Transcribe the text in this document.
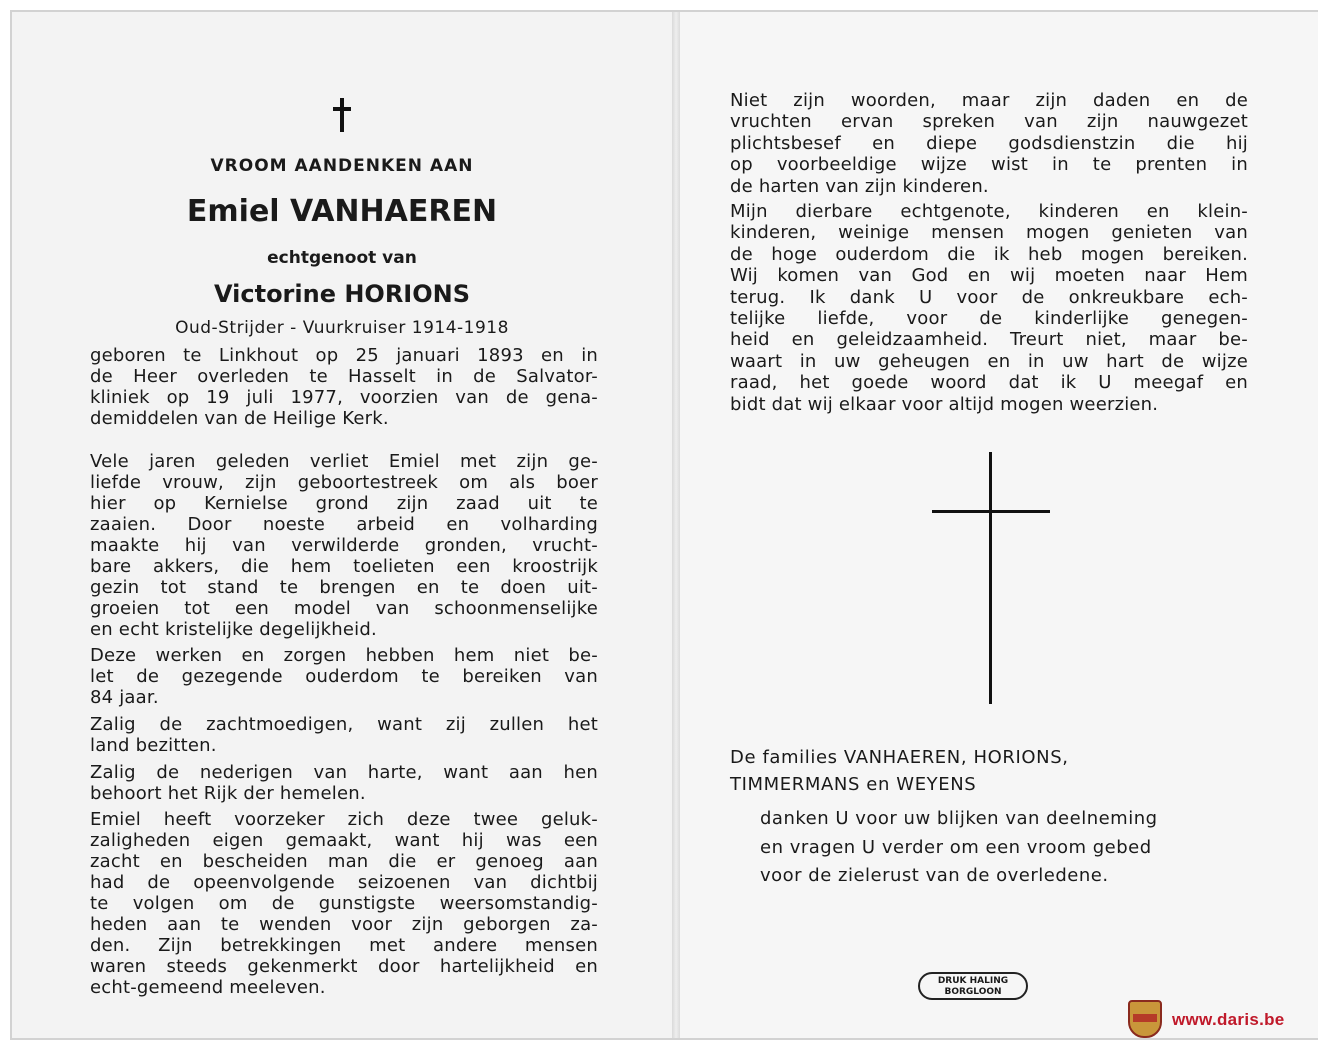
VROOM AANDENKEN AAN
Emiel VANHAEREN
echtgenoot van
Victorine HORIONS
Oud-Strijder - Vuurkruiser 1914-1918
geboren te Linkhout op 25 januari 1893 en in
de Heer overleden te Hasselt in de Salvator-
kliniek op 19 juli 1977, voorzien van de gena-
demiddelen van de Heilige Kerk.
Vele jaren geleden verliet Emiel met zijn ge-
liefde vrouw, zijn geboortestreek om als boer
hier op Kernielse grond zijn zaad uit te
zaaien. Door noeste arbeid en volharding
maakte hij van verwilderde gronden, vrucht-
bare akkers, die hem toelieten een kroostrijk
gezin tot stand te brengen en te doen uit-
groeien tot een model van schoonmenselijke
en echt kristelijke degelijkheid.
Deze werken en zorgen hebben hem niet be-
let de gezegende ouderdom te bereiken van
84 jaar.
Zalig de zachtmoedigen, want zij zullen het
land bezitten.
Zalig de nederigen van harte, want aan hen
behoort het Rijk der hemelen.
Emiel heeft voorzeker zich deze twee geluk-
zaligheden eigen gemaakt, want hij was een
zacht en bescheiden man die er genoeg aan
had de opeenvolgende seizoenen van dichtbij
te volgen om de gunstigste weersomstandig-
heden aan te wenden voor zijn geborgen za-
den. Zijn betrekkingen met andere mensen
waren steeds gekenmerkt door hartelijkheid en
echt-gemeend meeleven.
Niet zijn woorden, maar zijn daden en de
vruchten ervan spreken van zijn nauwgezet
plichtsbesef en diepe godsdienstzin die hij
op voorbeeldige wijze wist in te prenten in
de harten van zijn kinderen.
Mijn dierbare echtgenote, kinderen en klein-
kinderen, weinige mensen mogen genieten van
de hoge ouderdom die ik heb mogen bereiken.
Wij komen van God en wij moeten naar Hem
terug. Ik dank U voor de onkreukbare ech-
telijke liefde, voor de kinderlijke genegen-
heid en geleidzaamheid. Treurt niet, maar be-
waart in uw geheugen en in uw hart de wijze
raad, het goede woord dat ik U meegaf en
bidt dat wij elkaar voor altijd mogen weerzien.
De families VANHAEREN, HORIONS,
TIMMERMANS en WEYENS
danken U voor uw blijken van deelneming
en vragen U verder om een vroom gebed
voor de zielerust van de overledene.
DRUK HALING
BORGLOON
www.daris.be
